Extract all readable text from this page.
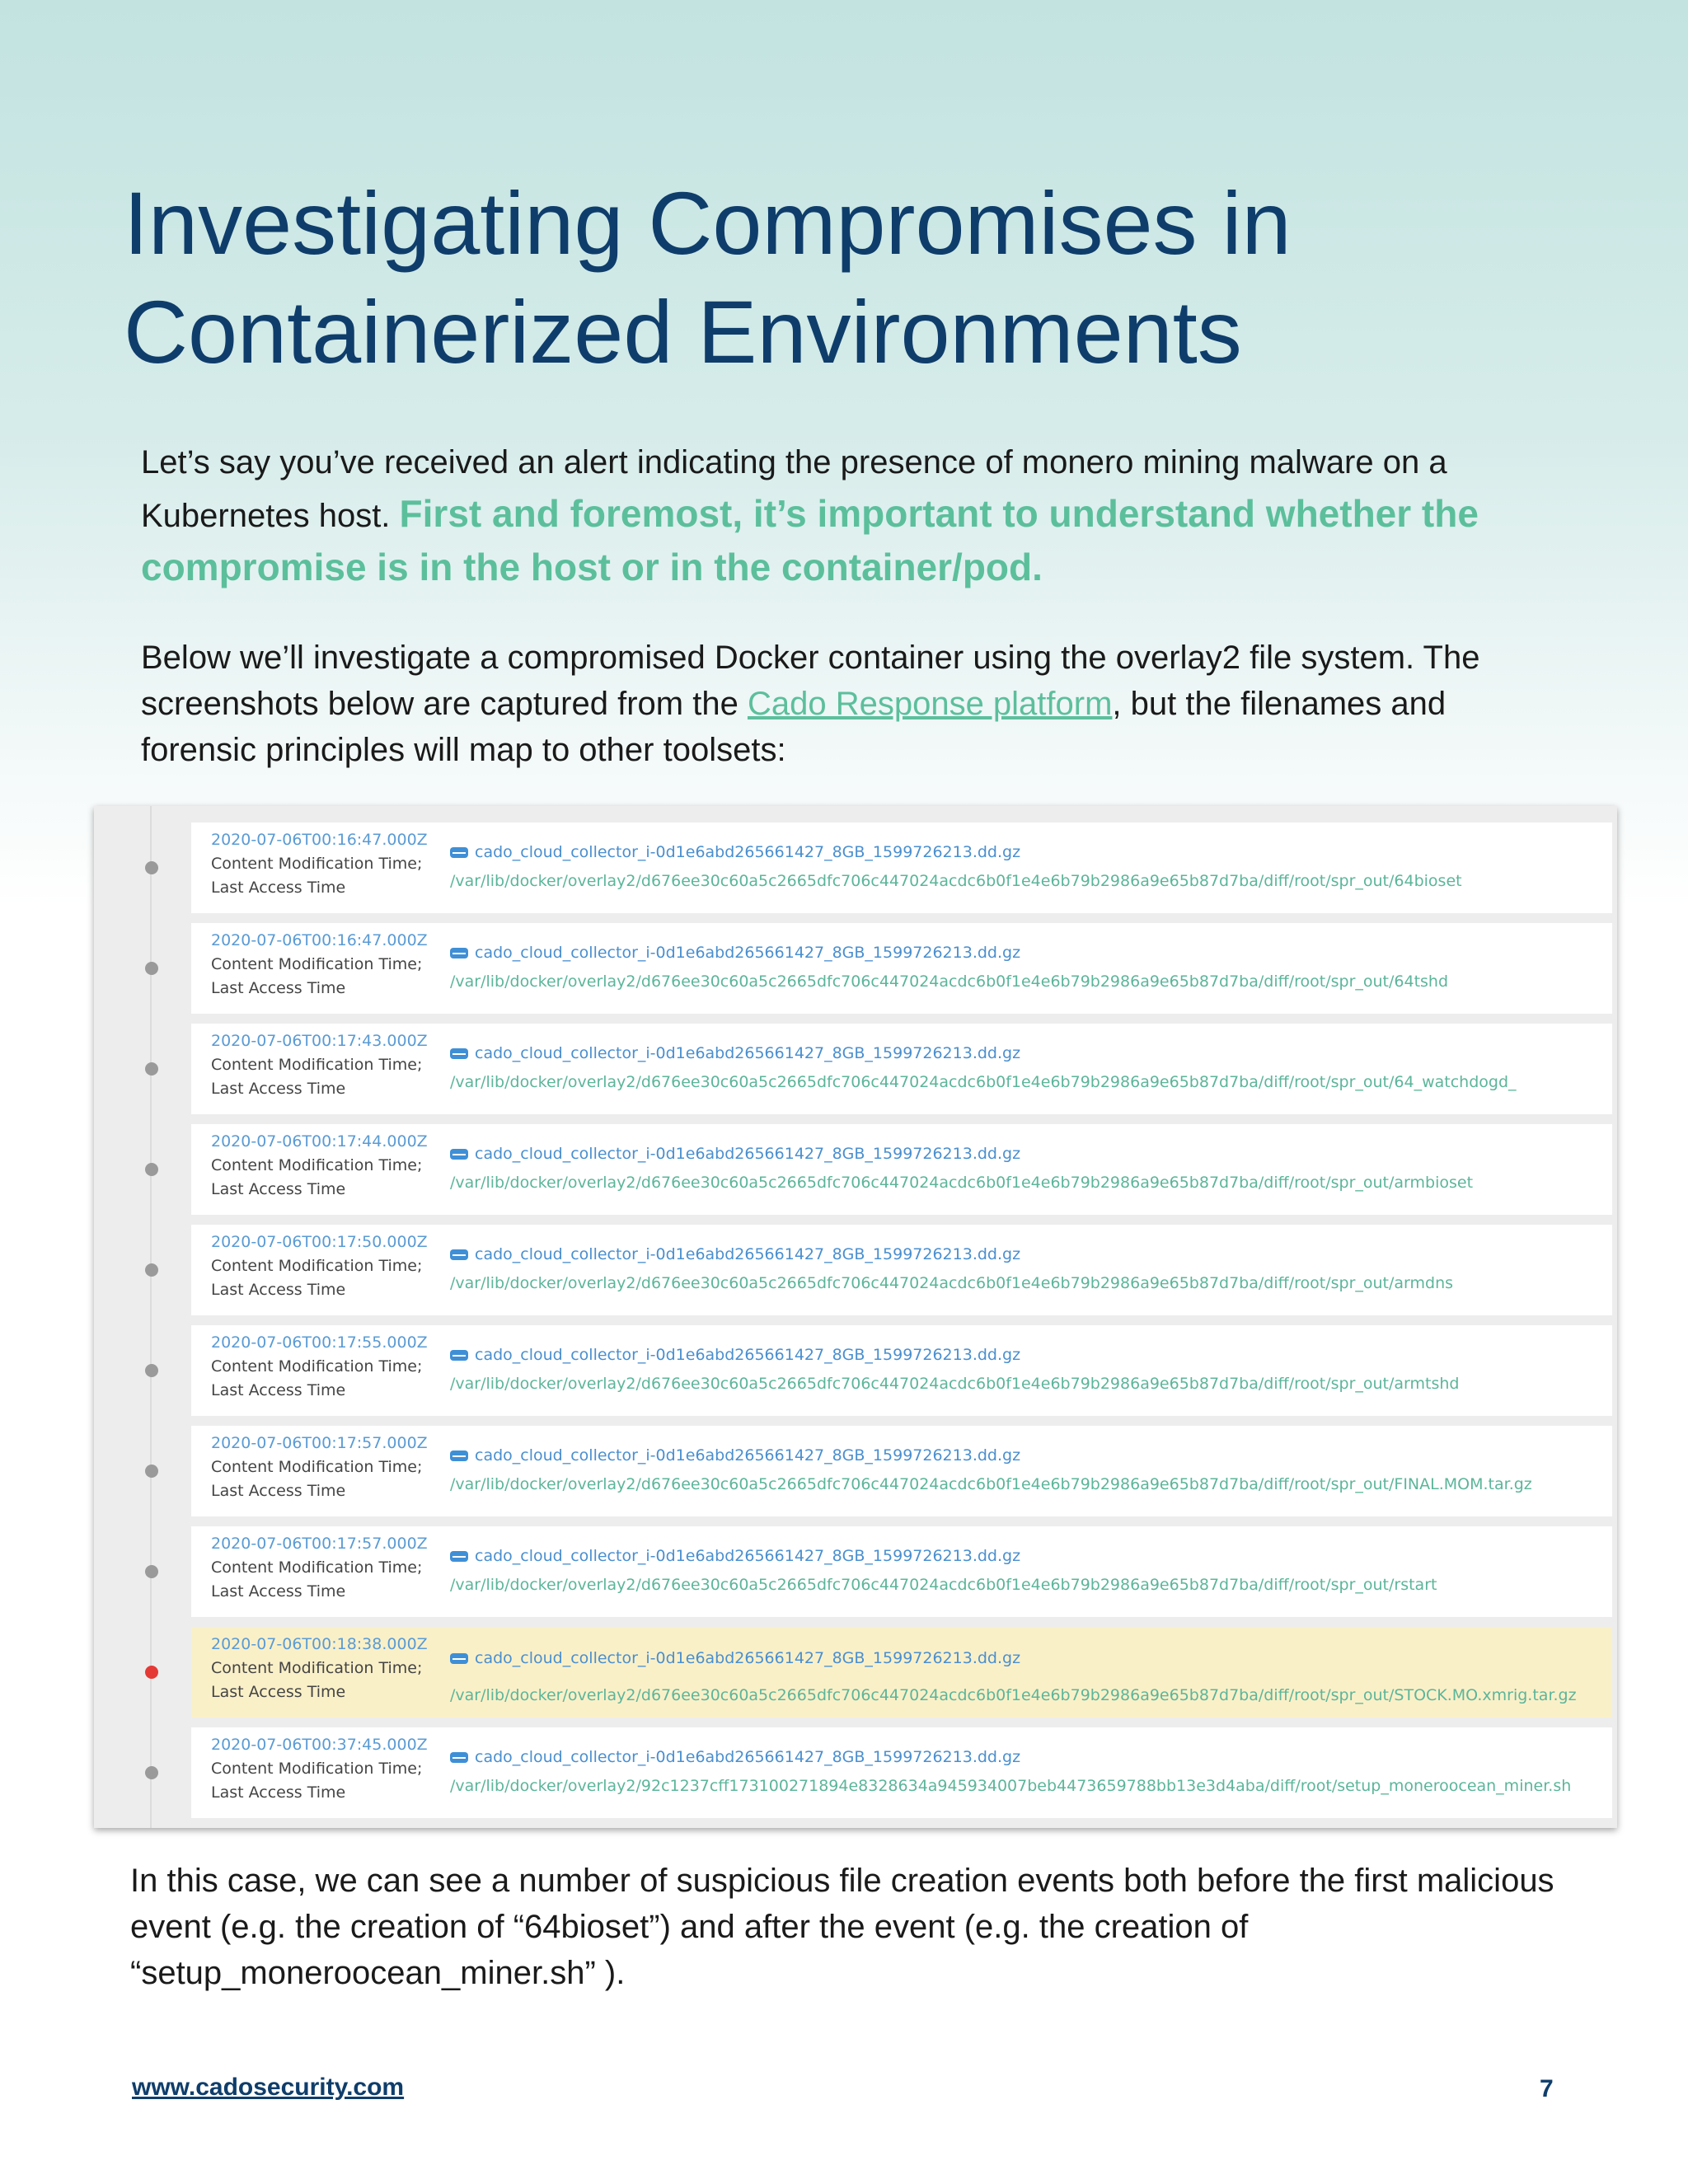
Investigating Compromises in
Containerized Environments

Let’s say you’ve received an alert indicating the presence of monero mining malware on a Kubernetes host. First and foremost, it’s important to understand whether the compromise is in the host or in the container/pod.

Below we’ll investigate a compromised Docker container using the overlay2 file system. The screenshots below are captured from the Cado Response platform, but the filenames and forensic principles will map to other toolsets:

2020-07-06T00:16:47.000Z
Content Modification Time;
Last Access Time
cado_cloud_collector_i-0d1e6abd265661427_8GB_1599726213.dd.gz
/var/lib/docker/overlay2/d676ee30c60a5c2665dfc706c447024acdc6b0f1e4e6b79b2986a9e65b87d7ba/diff/root/spr_out/64bioset
2020-07-06T00:16:47.000Z
Content Modification Time;
Last Access Time
cado_cloud_collector_i-0d1e6abd265661427_8GB_1599726213.dd.gz
/var/lib/docker/overlay2/d676ee30c60a5c2665dfc706c447024acdc6b0f1e4e6b79b2986a9e65b87d7ba/diff/root/spr_out/64tshd
2020-07-06T00:17:43.000Z
Content Modification Time;
Last Access Time
cado_cloud_collector_i-0d1e6abd265661427_8GB_1599726213.dd.gz
/var/lib/docker/overlay2/d676ee30c60a5c2665dfc706c447024acdc6b0f1e4e6b79b2986a9e65b87d7ba/diff/root/spr_out/64_watchdogd_
2020-07-06T00:17:44.000Z
Content Modification Time;
Last Access Time
cado_cloud_collector_i-0d1e6abd265661427_8GB_1599726213.dd.gz
/var/lib/docker/overlay2/d676ee30c60a5c2665dfc706c447024acdc6b0f1e4e6b79b2986a9e65b87d7ba/diff/root/spr_out/armbioset
2020-07-06T00:17:50.000Z
Content Modification Time;
Last Access Time
cado_cloud_collector_i-0d1e6abd265661427_8GB_1599726213.dd.gz
/var/lib/docker/overlay2/d676ee30c60a5c2665dfc706c447024acdc6b0f1e4e6b79b2986a9e65b87d7ba/diff/root/spr_out/armdns
2020-07-06T00:17:55.000Z
Content Modification Time;
Last Access Time
cado_cloud_collector_i-0d1e6abd265661427_8GB_1599726213.dd.gz
/var/lib/docker/overlay2/d676ee30c60a5c2665dfc706c447024acdc6b0f1e4e6b79b2986a9e65b87d7ba/diff/root/spr_out/armtshd
2020-07-06T00:17:57.000Z
Content Modification Time;
Last Access Time
cado_cloud_collector_i-0d1e6abd265661427_8GB_1599726213.dd.gz
/var/lib/docker/overlay2/d676ee30c60a5c2665dfc706c447024acdc6b0f1e4e6b79b2986a9e65b87d7ba/diff/root/spr_out/FINAL.MOM.tar.gz
2020-07-06T00:17:57.000Z
Content Modification Time;
Last Access Time
cado_cloud_collector_i-0d1e6abd265661427_8GB_1599726213.dd.gz
/var/lib/docker/overlay2/d676ee30c60a5c2665dfc706c447024acdc6b0f1e4e6b79b2986a9e65b87d7ba/diff/root/spr_out/rstart
2020-07-06T00:18:38.000Z
Content Modification Time;
Last Access Time
cado_cloud_collector_i-0d1e6abd265661427_8GB_1599726213.dd.gz
/var/lib/docker/overlay2/d676ee30c60a5c2665dfc706c447024acdc6b0f1e4e6b79b2986a9e65b87d7ba/diff/root/spr_out/STOCK.MO.xmrig.tar.gz
2020-07-06T00:37:45.000Z
Content Modification Time;
Last Access Time
cado_cloud_collector_i-0d1e6abd265661427_8GB_1599726213.dd.gz
/var/lib/docker/overlay2/92c1237cff173100271894e8328634a945934007beb4473659788bb13e3d4aba/diff/root/setup_moneroocean_miner.sh

In this case, we can see a number of suspicious file creation events both before the first malicious event (e.g. the creation of “64bioset”) and after the event (e.g. the creation of “setup_moneroocean_miner.sh” ).

www.cadosecurity.com	7
